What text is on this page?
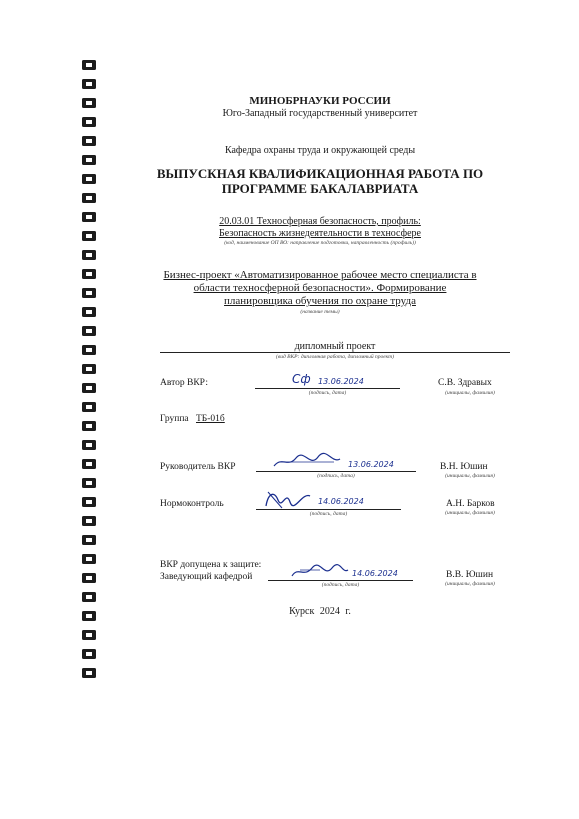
МИНОБРНАУКИ РОССИИ
Юго-Западный государственный университет
Кафедра охраны труда и окружающей среды
ВЫПУСКНАЯ КВАЛИФИКАЦИОННАЯ РАБОТА ПО
ПРОГРАММЕ БАКАЛАВРИАТА
20.03.01 Техносферная безопасность, профиль:
Безопасность жизнедеятельности в техносфере
(код, наименование ОП ВО: направление подготовки, направленность (профиль))
Бизнес-проект «Автоматизированное рабочее место специалиста в
области техносферной безопасности». Формирование
планировщика обучения по охране труда
(название темы)
дипломный проект
(вид ВКР: дипломная работа, дипломный проект)
Автор ВКР:	Сф 13.06.2024
(подпись, дата)
С.В. Здравых
(инициалы, фамилия)
Группа ТБ-01б
Руководитель ВКР	13.06.2024
(подпись, дата)
В.Н. Юшин
(инициалы, фамилия)
Нормоконтроль	14.06.2024
(подпись, дата)
А.Н. Барков
(инициалы, фамилия)
ВКР допущена к защите:
Заведующий кафедрой	14.06.2024
(подпись, дата)
В.В. Юшин
(инициалы, фамилия)
Курск 2024 г.
